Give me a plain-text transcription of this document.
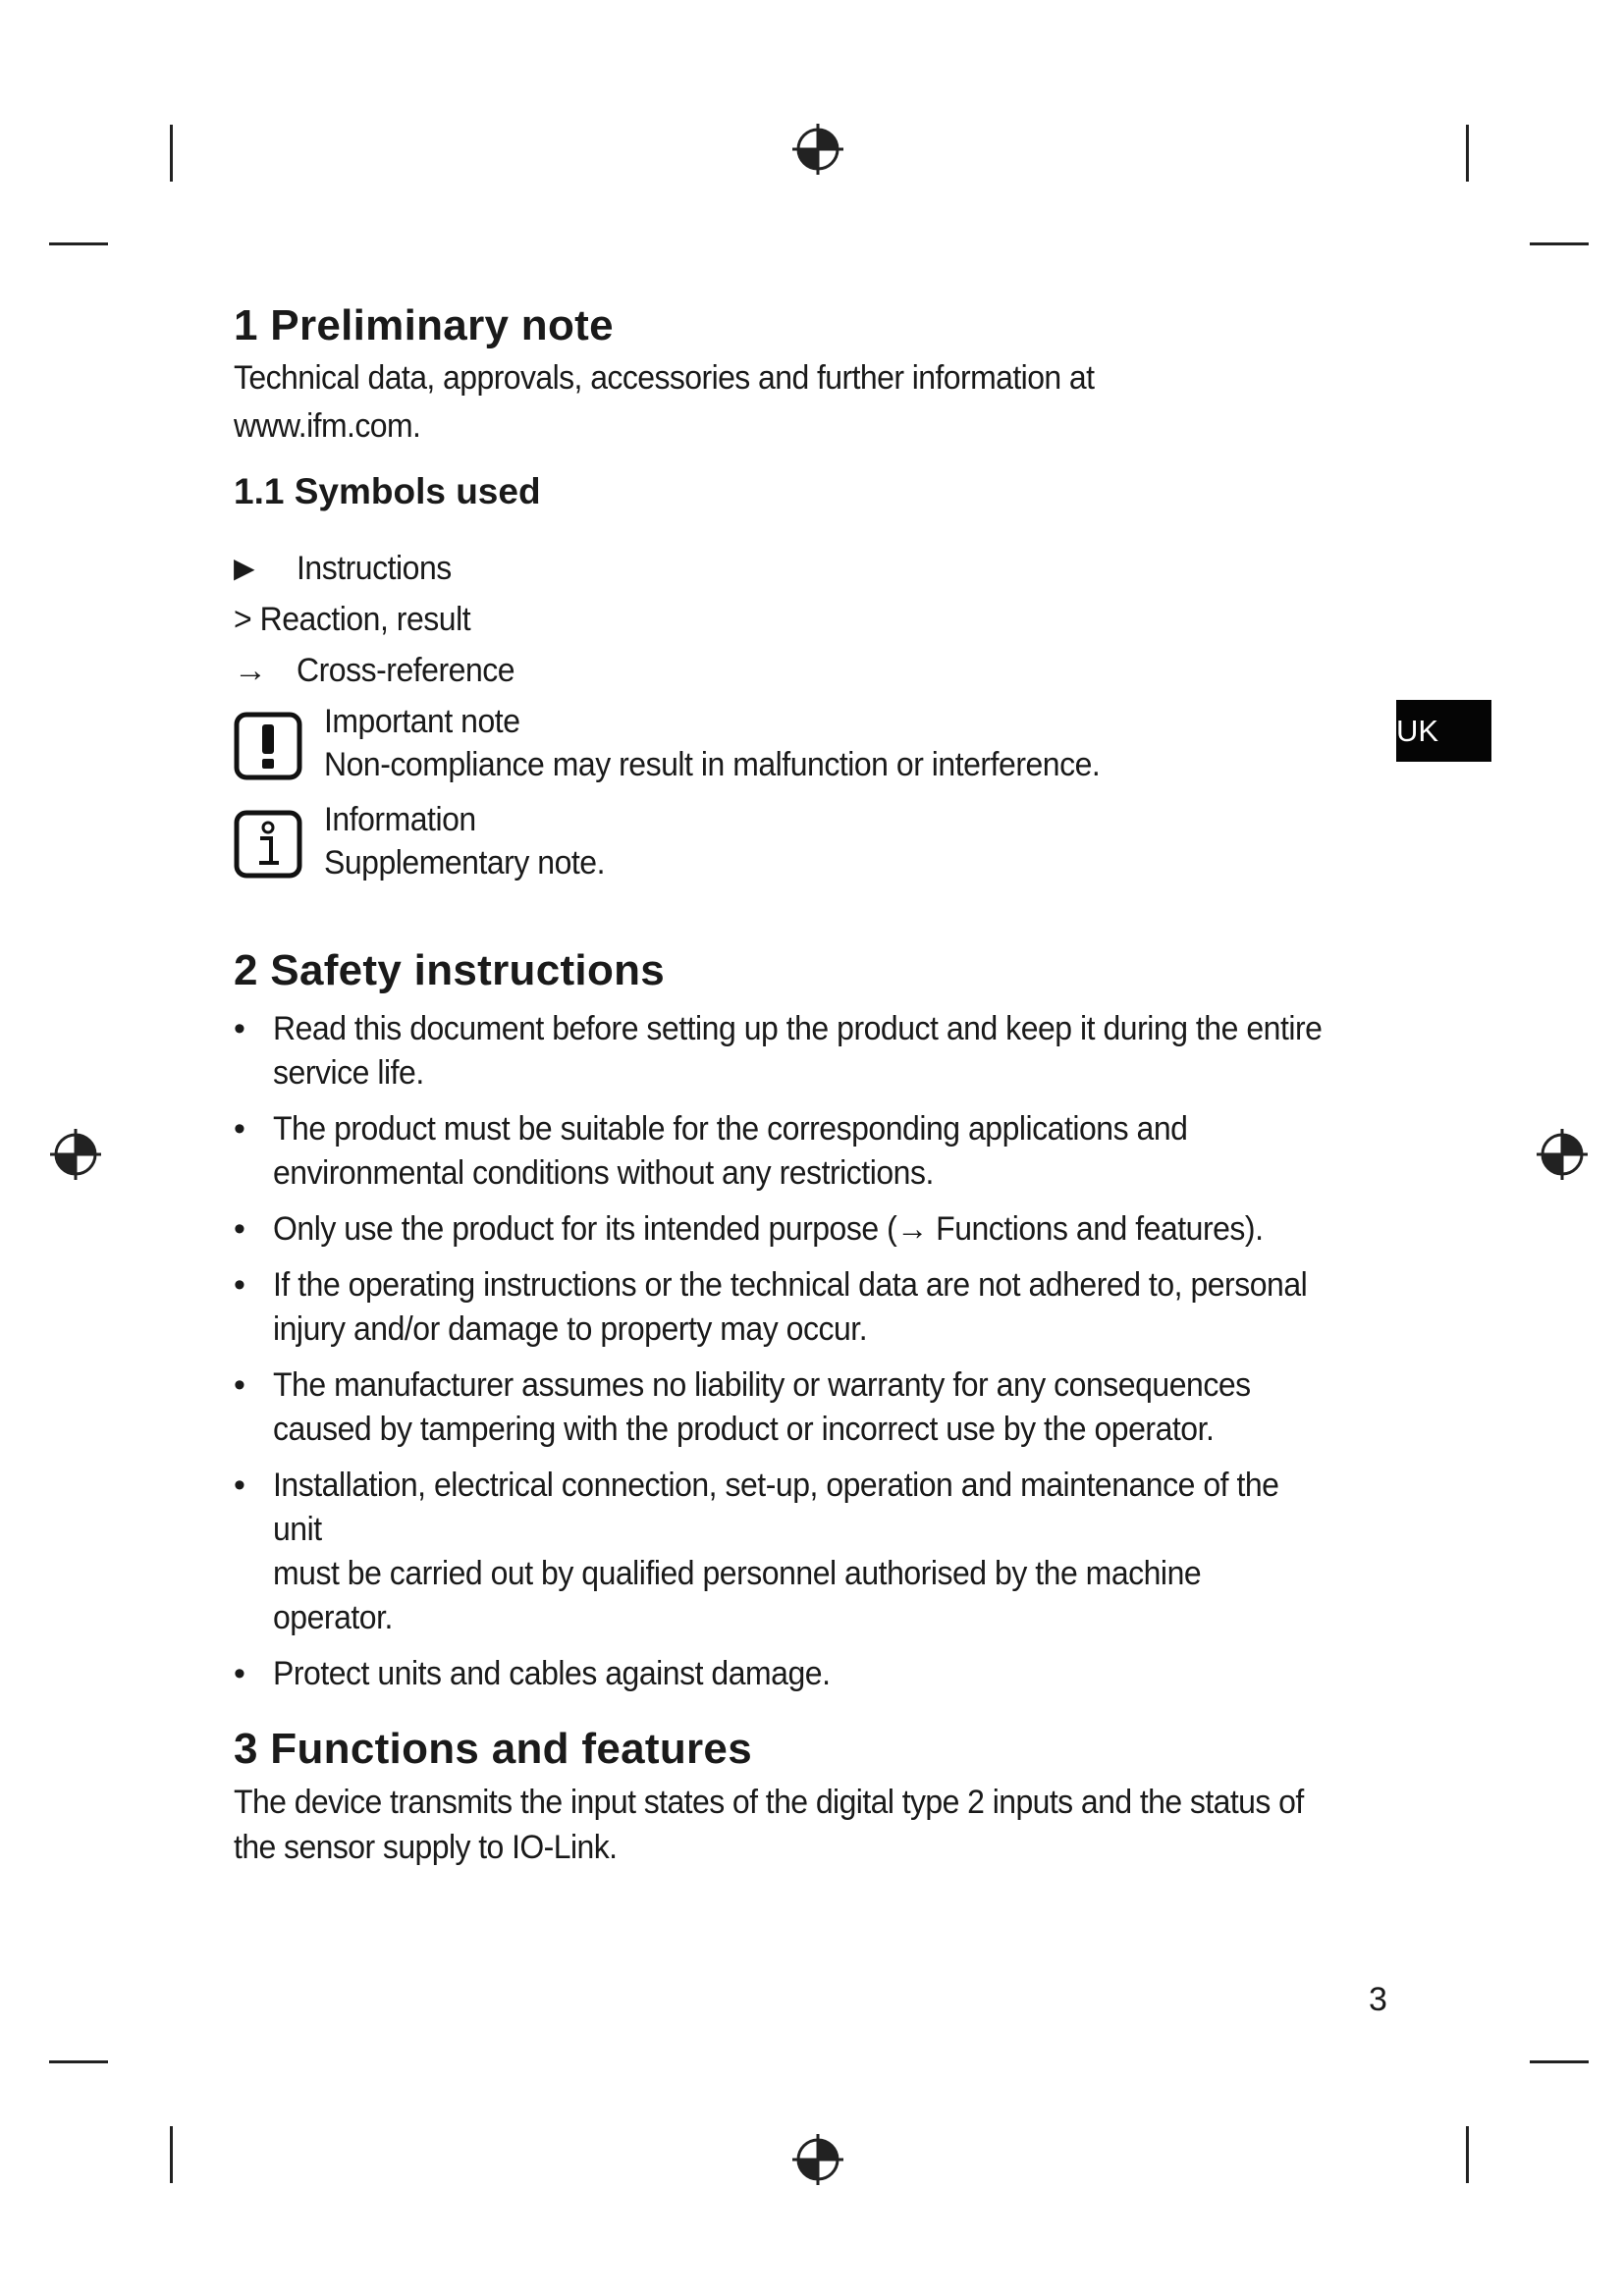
UK
1 Preliminary note

Technical data, approvals, accessories and further information at

www.ifm.com.

1.1 Symbols used
▶ Instructions
> Reaction, result
→ Cross-reference
Important note
Non-compliance may result in malfunction or interference.
Information
Supplementary note.
2 Safety instructions
• Read this document before setting up the product and keep it during the entire
service life.
• The product must be suitable for the corresponding applications and
environmental conditions without any restrictions.
• Only use the product for its intended purpose (→ Functions and features).
• If the operating instructions or the technical data are not adhered to, personal
injury and/or damage to property may occur.
• The manufacturer assumes no liability or warranty for any consequences
caused by tampering with the product or incorrect use by the operator.
• Installation, electrical connection, set-up, operation and maintenance of the unit
must be carried out by qualified personnel authorised by the machine operator.
• Protect units and cables against damage.
3 Functions and features

The device transmits the input states of the digital type 2 inputs and the status of

the sensor supply to IO-Link.

3
